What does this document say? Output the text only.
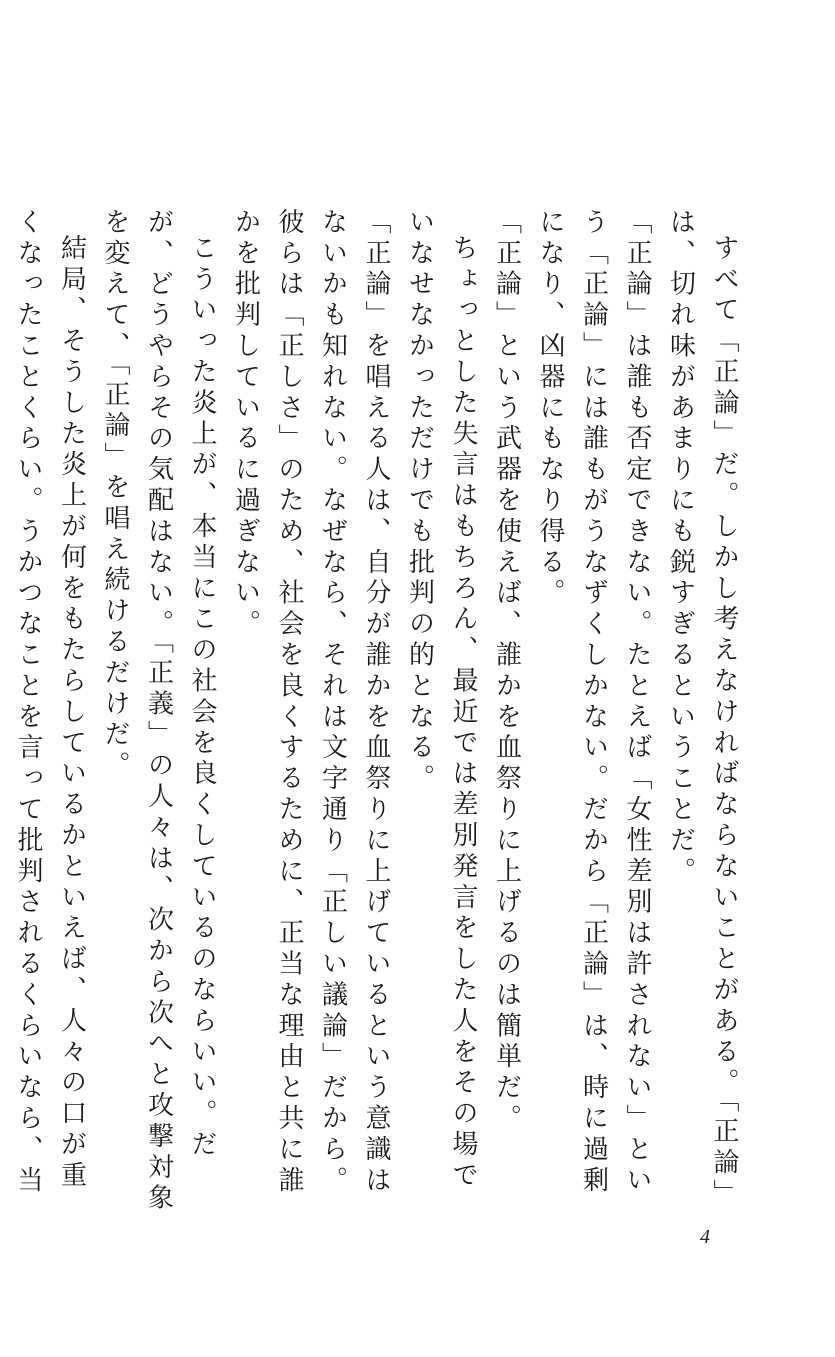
すべて「正論」だ。しかし考えなければならないことがある。「正論」は、切れ味があまりにも鋭すぎるということだ。

「正論」は誰も否定できない。たとえば「女性差別は許されない」という「正論」には誰もがうなずくしかない。だから「正論」は、時に過剰になり、凶器にもなり得る。

「正論」という武器を使えば、誰かを血祭りに上げるのは簡単だ。

ちょっとした失言はもちろん、最近では差別発言をした人をその場でいなせなかっただけでも批判の的となる。

「正論」を唱える人は、自分が誰かを血祭りに上げているという意識はないかも知れない。なぜなら、それは文字通り「正しい議論」だから。彼らは「正しさ」のため、社会を良くするために、正当な理由と共に誰かを批判しているに過ぎない。

こういった炎上が、本当にこの社会を良くしているのならいい。だが、どうやらその気配はない。「正義」の人々は、次から次へと攻撃対象を変えて、「正論」を唱え続けるだけだ。

結局、そうした炎上が何をもたらしているかといえば、人々の口が重くなったことくらい。うかつなことを言って批判されるくらいなら、当

4
